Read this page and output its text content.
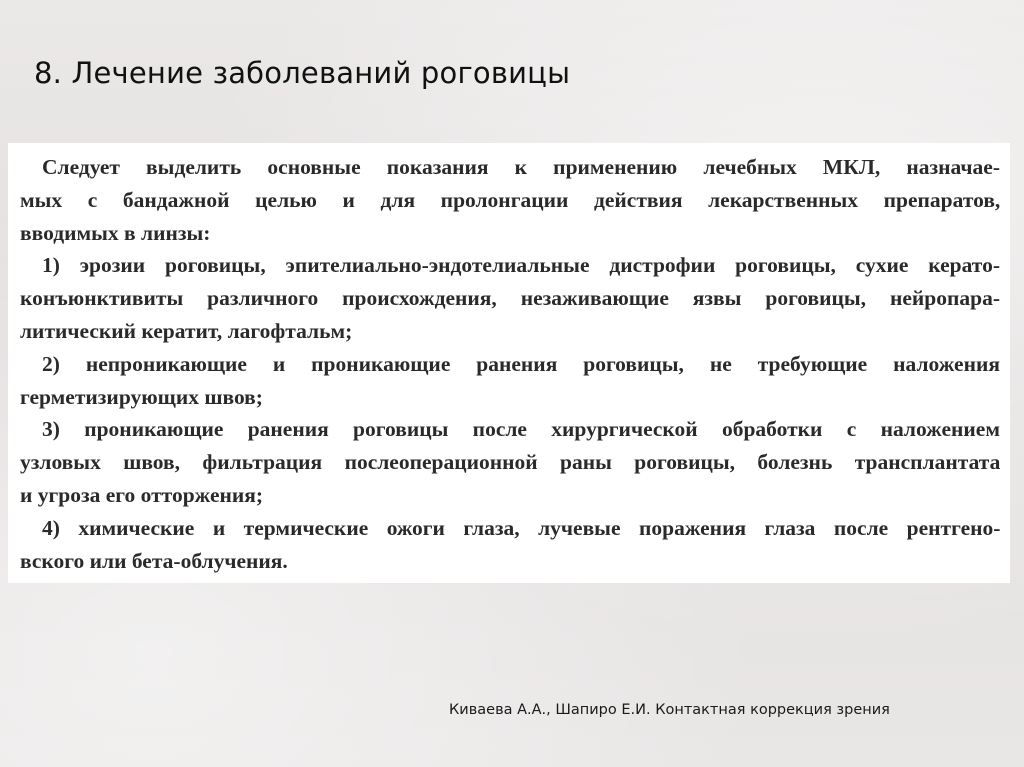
8. Лечение заболеваний роговицы
Следует выделить основные показания к применению лечебных МКЛ, назначае-
мых с бандажной целью и для пролонгации действия лекарственных препаратов,
вводимых в линзы:
1) эрозии роговицы, эпителиально-эндотелиальные дистрофии роговицы, сухие керато-
конъюнктивиты различного происхождения, незаживающие язвы роговицы, нейропара-
литический кератит, лагофтальм;
2) непроникающие и проникающие ранения роговицы, не требующие наложения
герметизирующих швов;
3) проникающие ранения роговицы после хирургической обработки с наложением
узловых швов, фильтрация послеоперационной раны роговицы, болезнь трансплантата
и угроза его отторжения;
4) химические и термические ожоги глаза, лучевые поражения глаза после рентгено-
вского или бета-облучения.
Киваева А.А., Шапиро Е.И. Контактная коррекция зрения
